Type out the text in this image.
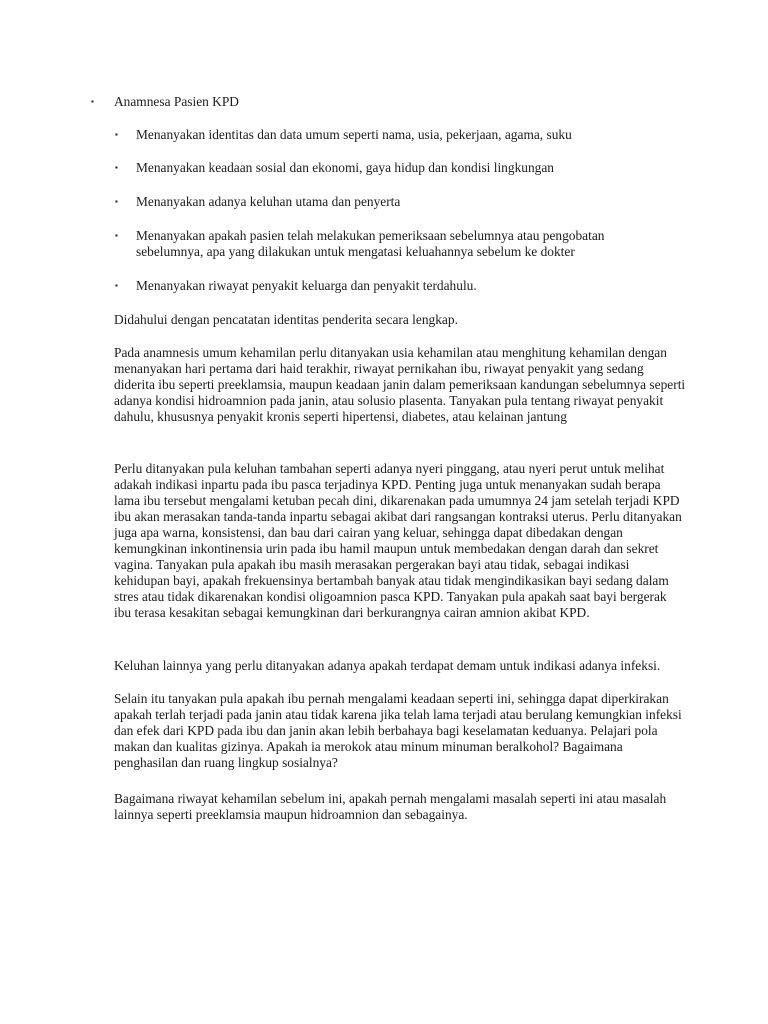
▪ Anamnesa Pasien KPD

▪ Menanyakan identitas dan data umum seperti nama, usia, pekerjaan, agama, suku

▪ Menanyakan keadaan sosial dan ekonomi, gaya hidup dan kondisi lingkungan

▪ Menanyakan adanya keluhan utama dan penyerta

▪ Menanyakan apakah pasien telah melakukan pemeriksaan sebelumnya atau pengobatan sebelumnya, apa yang dilakukan untuk mengatasi keluahannya sebelum ke dokter

▪ Menanyakan riwayat penyakit keluarga dan penyakit terdahulu.

Didahului dengan pencatatan identitas penderita secara lengkap.

Pada anamnesis umum kehamilan perlu ditanyakan usia kehamilan atau menghitung kehamilan dengan menanyakan hari pertama dari haid terakhir, riwayat pernikahan ibu, riwayat penyakit yang sedang diderita ibu seperti preeklamsia, maupun keadaan janin dalam pemeriksaan kandungan sebelumnya seperti adanya kondisi hidroamnion pada janin, atau solusio plasenta. Tanyakan pula tentang riwayat penyakit dahulu, khususnya penyakit kronis seperti hipertensi, diabetes, atau kelainan jantung

Perlu ditanyakan pula keluhan tambahan seperti adanya nyeri pinggang, atau nyeri perut untuk melihat adakah indikasi inpartu pada ibu pasca terjadinya KPD. Penting juga untuk menanyakan sudah berapa lama ibu tersebut mengalami ketuban pecah dini, dikarenakan pada umumnya 24 jam setelah terjadi KPD ibu akan merasakan tanda-tanda inpartu sebagai akibat dari rangsangan kontraksi uterus. Perlu ditanyakan juga apa warna, konsistensi, dan bau dari cairan yang keluar, sehingga dapat dibedakan dengan kemungkinan inkontinensia urin pada ibu hamil maupun untuk membedakan dengan darah dan sekret vagina. Tanyakan pula apakah ibu masih merasakan pergerakan bayi atau tidak, sebagai indikasi kehidupan bayi, apakah frekuensinya bertambah banyak atau tidak mengindikasikan bayi sedang dalam stres atau tidak dikarenakan kondisi oligoamnion pasca KPD. Tanyakan pula apakah saat bayi bergerak ibu terasa kesakitan sebagai kemungkinan dari berkurangnya cairan amnion akibat KPD.

Keluhan lainnya yang perlu ditanyakan adanya apakah terdapat demam untuk indikasi adanya infeksi.

Selain itu tanyakan pula apakah ibu pernah mengalami keadaan seperti ini, sehingga dapat diperkirakan apakah terlah terjadi pada janin atau tidak karena jika telah lama terjadi atau berulang kemungkian infeksi dan efek dari KPD pada ibu dan janin akan lebih berbahaya bagi keselamatan keduanya. Pelajari pola makan dan kualitas gizinya. Apakah ia merokok atau minum minuman beralkohol? Bagaimana penghasilan dan ruang lingkup sosialnya?

Bagaimana riwayat kehamilan sebelum ini, apakah pernah mengalami masalah seperti ini atau masalah lainnya seperti preeklamsia maupun hidroamnion dan sebagainya.
